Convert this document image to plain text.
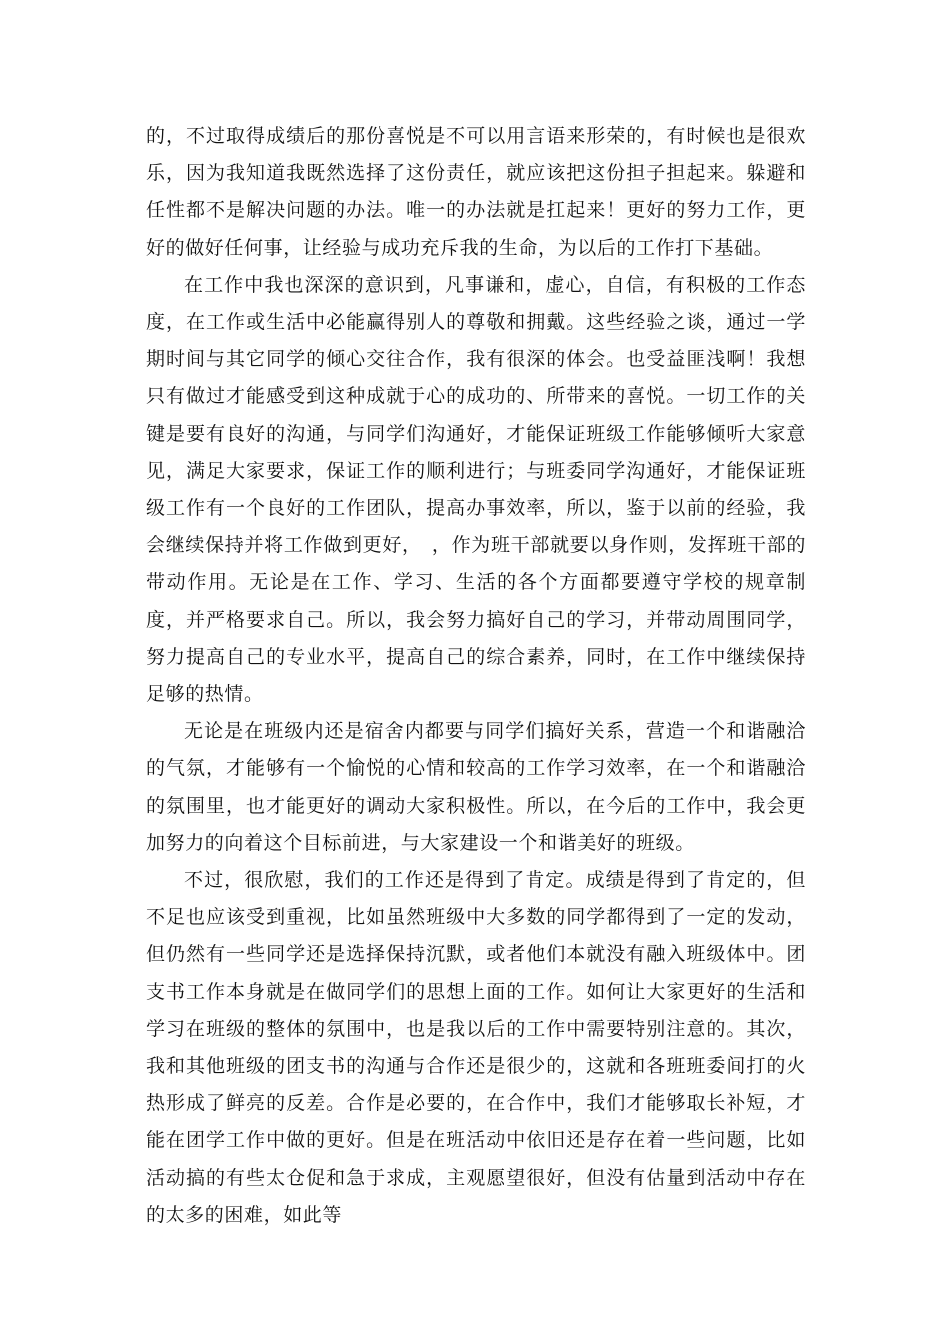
的，不过取得成绩后的那份喜悦是不可以用言语来形荣的，有时候也是很欢乐，因为我知道我既然选择了这份责任，就应该把这份担子担起来。躲避和任性都不是解决问题的办法。唯一的办法就是扛起来！更好的努力工作，更好的做好任何事，让经验与成功充斥我的生命，为以后的工作打下基础。

在工作中我也深深的意识到，凡事谦和，虚心，自信，有积极的工作态度，在工作或生活中必能赢得别人的尊敬和拥戴。这些经验之谈，通过一学期时间与其它同学的倾心交往合作，我有很深的体会。也受益匪浅啊！我想只有做过才能感受到这种成就于心的成功的、所带来的喜悦。一切工作的关键是要有良好的沟通，与同学们沟通好，才能保证班级工作能够倾听大家意见，满足大家要求，保证工作的顺利进行；与班委同学沟通好，才能保证班级工作有一个良好的工作团队，提高办事效率，所以，鉴于以前的经验，我会继续保持并将工作做到更好，　，作为班干部就要以身作则，发挥班干部的带动作用。无论是在工作、学习、生活的各个方面都要遵守学校的规章制度，并严格要求自己。所以，我会努力搞好自己的学习，并带动周围同学，努力提高自己的专业水平，提高自己的综合素养，同时，在工作中继续保持足够的热情。

无论是在班级内还是宿舍内都要与同学们搞好关系，营造一个和谐融洽的气氛，才能够有一个愉悦的心情和较高的工作学习效率，在一个和谐融洽的氛围里，也才能更好的调动大家积极性。所以，在今后的工作中，我会更加努力的向着这个目标前进，与大家建设一个和谐美好的班级。

不过，很欣慰，我们的工作还是得到了肯定。成绩是得到了肯定的，但不足也应该受到重视，比如虽然班级中大多数的同学都得到了一定的发动，但仍然有一些同学还是选择保持沉默，或者他们本就没有融入班级体中。团支书工作本身就是在做同学们的思想上面的工作。如何让大家更好的生活和学习在班级的整体的氛围中，也是我以后的工作中需要特别注意的。其次，我和其他班级的团支书的沟通与合作还是很少的，这就和各班班委间打的火热形成了鲜亮的反差。合作是必要的，在合作中，我们才能够取长补短，才能在团学工作中做的更好。但是在班活动中依旧还是存在着一些问题，比如活动搞的有些太仓促和急于求成，主观愿望很好，但没有估量到活动中存在的太多的困难，如此等
